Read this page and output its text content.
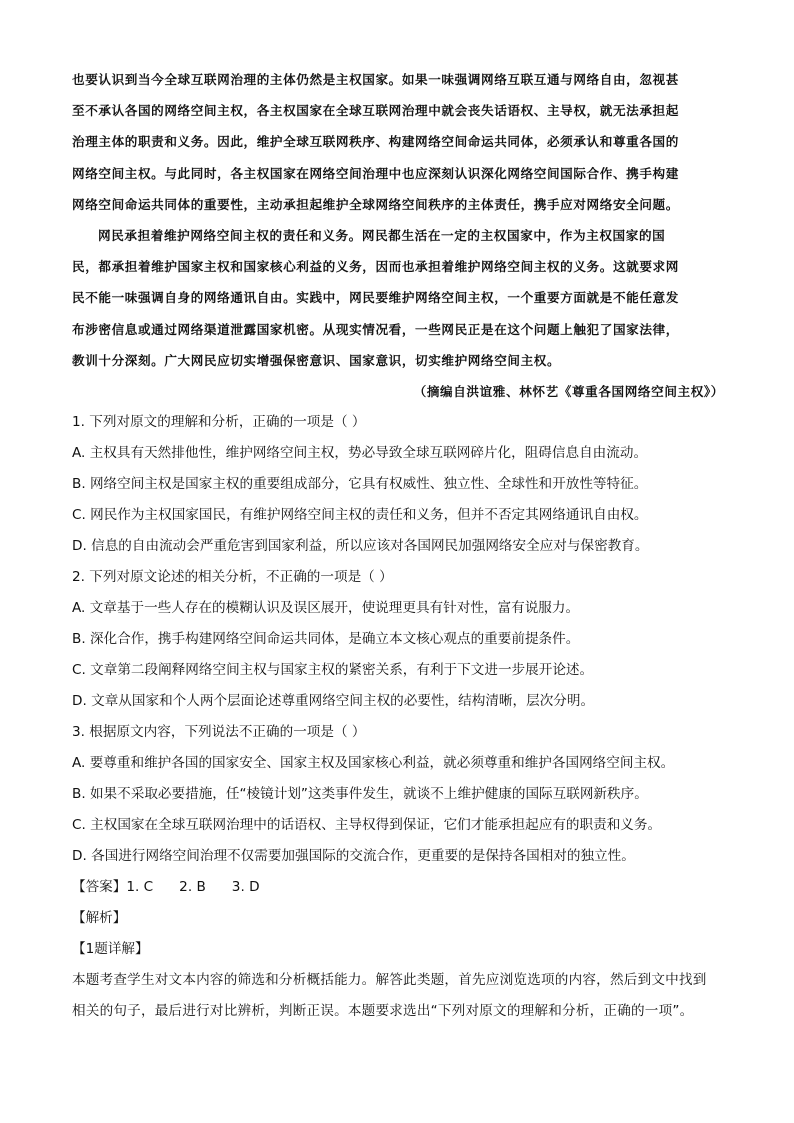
也要认识到当今全球互联网治理的主体仍然是主权国家。如果一味强调网络互联互通与网络自由，忽视甚
至不承认各国的网络空间主权，各主权国家在全球互联网治理中就会丧失话语权、主导权，就无法承担起
治理主体的职责和义务。因此，维护全球互联网秩序、构建网络空间命运共同体，必须承认和尊重各国的
网络空间主权。与此同时，各主权国家在网络空间治理中也应深刻认识深化网络空间国际合作、携手构建
网络空间命运共同体的重要性，主动承担起维护全球网络空间秩序的主体责任，携手应对网络安全问题。

网民承担着维护网络空间主权的责任和义务。网民都生活在一定的主权国家中，作为主权国家的国
民，都承担着维护国家主权和国家核心利益的义务，因而也承担着维护网络空间主权的义务。这就要求网
民不能一味强调自身的网络通讯自由。实践中，网民要维护网络空间主权，一个重要方面就是不能任意发
布涉密信息或通过网络渠道泄露国家机密。从现实情况看，一些网民正是在这个问题上触犯了国家法律，
教训十分深刻。广大网民应切实增强保密意识、国家意识，切实维护网络空间主权。

（摘编自洪谊雅、林怀艺《尊重各国网络空间主权》）

1. 下列对原文的理解和分析，正确的一项是（ ）
A. 主权具有天然排他性，维护网络空间主权，势必导致全球互联网碎片化，阻碍信息自由流动。
B. 网络空间主权是国家主权的重要组成部分，它具有权威性、独立性、全球性和开放性等特征。
C. 网民作为主权国家国民，有维护网络空间主权的责任和义务，但并不否定其网络通讯自由权。
D. 信息的自由流动会严重危害到国家利益，所以应该对各国网民加强网络安全应对与保密教育。
2. 下列对原文论述的相关分析，不正确的一项是（ ）
A. 文章基于一些人存在的模糊认识及误区展开，使说理更具有针对性，富有说服力。
B. 深化合作，携手构建网络空间命运共同体，是确立本文核心观点的重要前提条件。
C. 文章第二段阐释网络空间主权与国家主权的紧密关系，有利于下文进一步展开论述。
D. 文章从国家和个人两个层面论述尊重网络空间主权的必要性，结构清晰，层次分明。
3. 根据原文内容，下列说法不正确的一项是（ ）
A. 要尊重和维护各国的国家安全、国家主权及国家核心利益，就必须尊重和维护各国网络空间主权。
B. 如果不采取必要措施，任“棱镜计划”这类事件发生，就谈不上维护健康的国际互联网新秩序。
C. 主权国家在全球互联网治理中的话语权、主导权得到保证，它们才能承担起应有的职责和义务。
D. 各国进行网络空间治理不仅需要加强国际的交流合作，更重要的是保持各国相对的独立性。
【答案】1. C 2. B 3. D
【解析】
【1题详解】
本题考查学生对文本内容的筛选和分析概括能力。解答此类题，首先应浏览选项的内容，然后到文中找到
相关的句子，最后进行对比辨析，判断正误。本题要求选出“下列对原文的理解和分析，正确的一项”。
